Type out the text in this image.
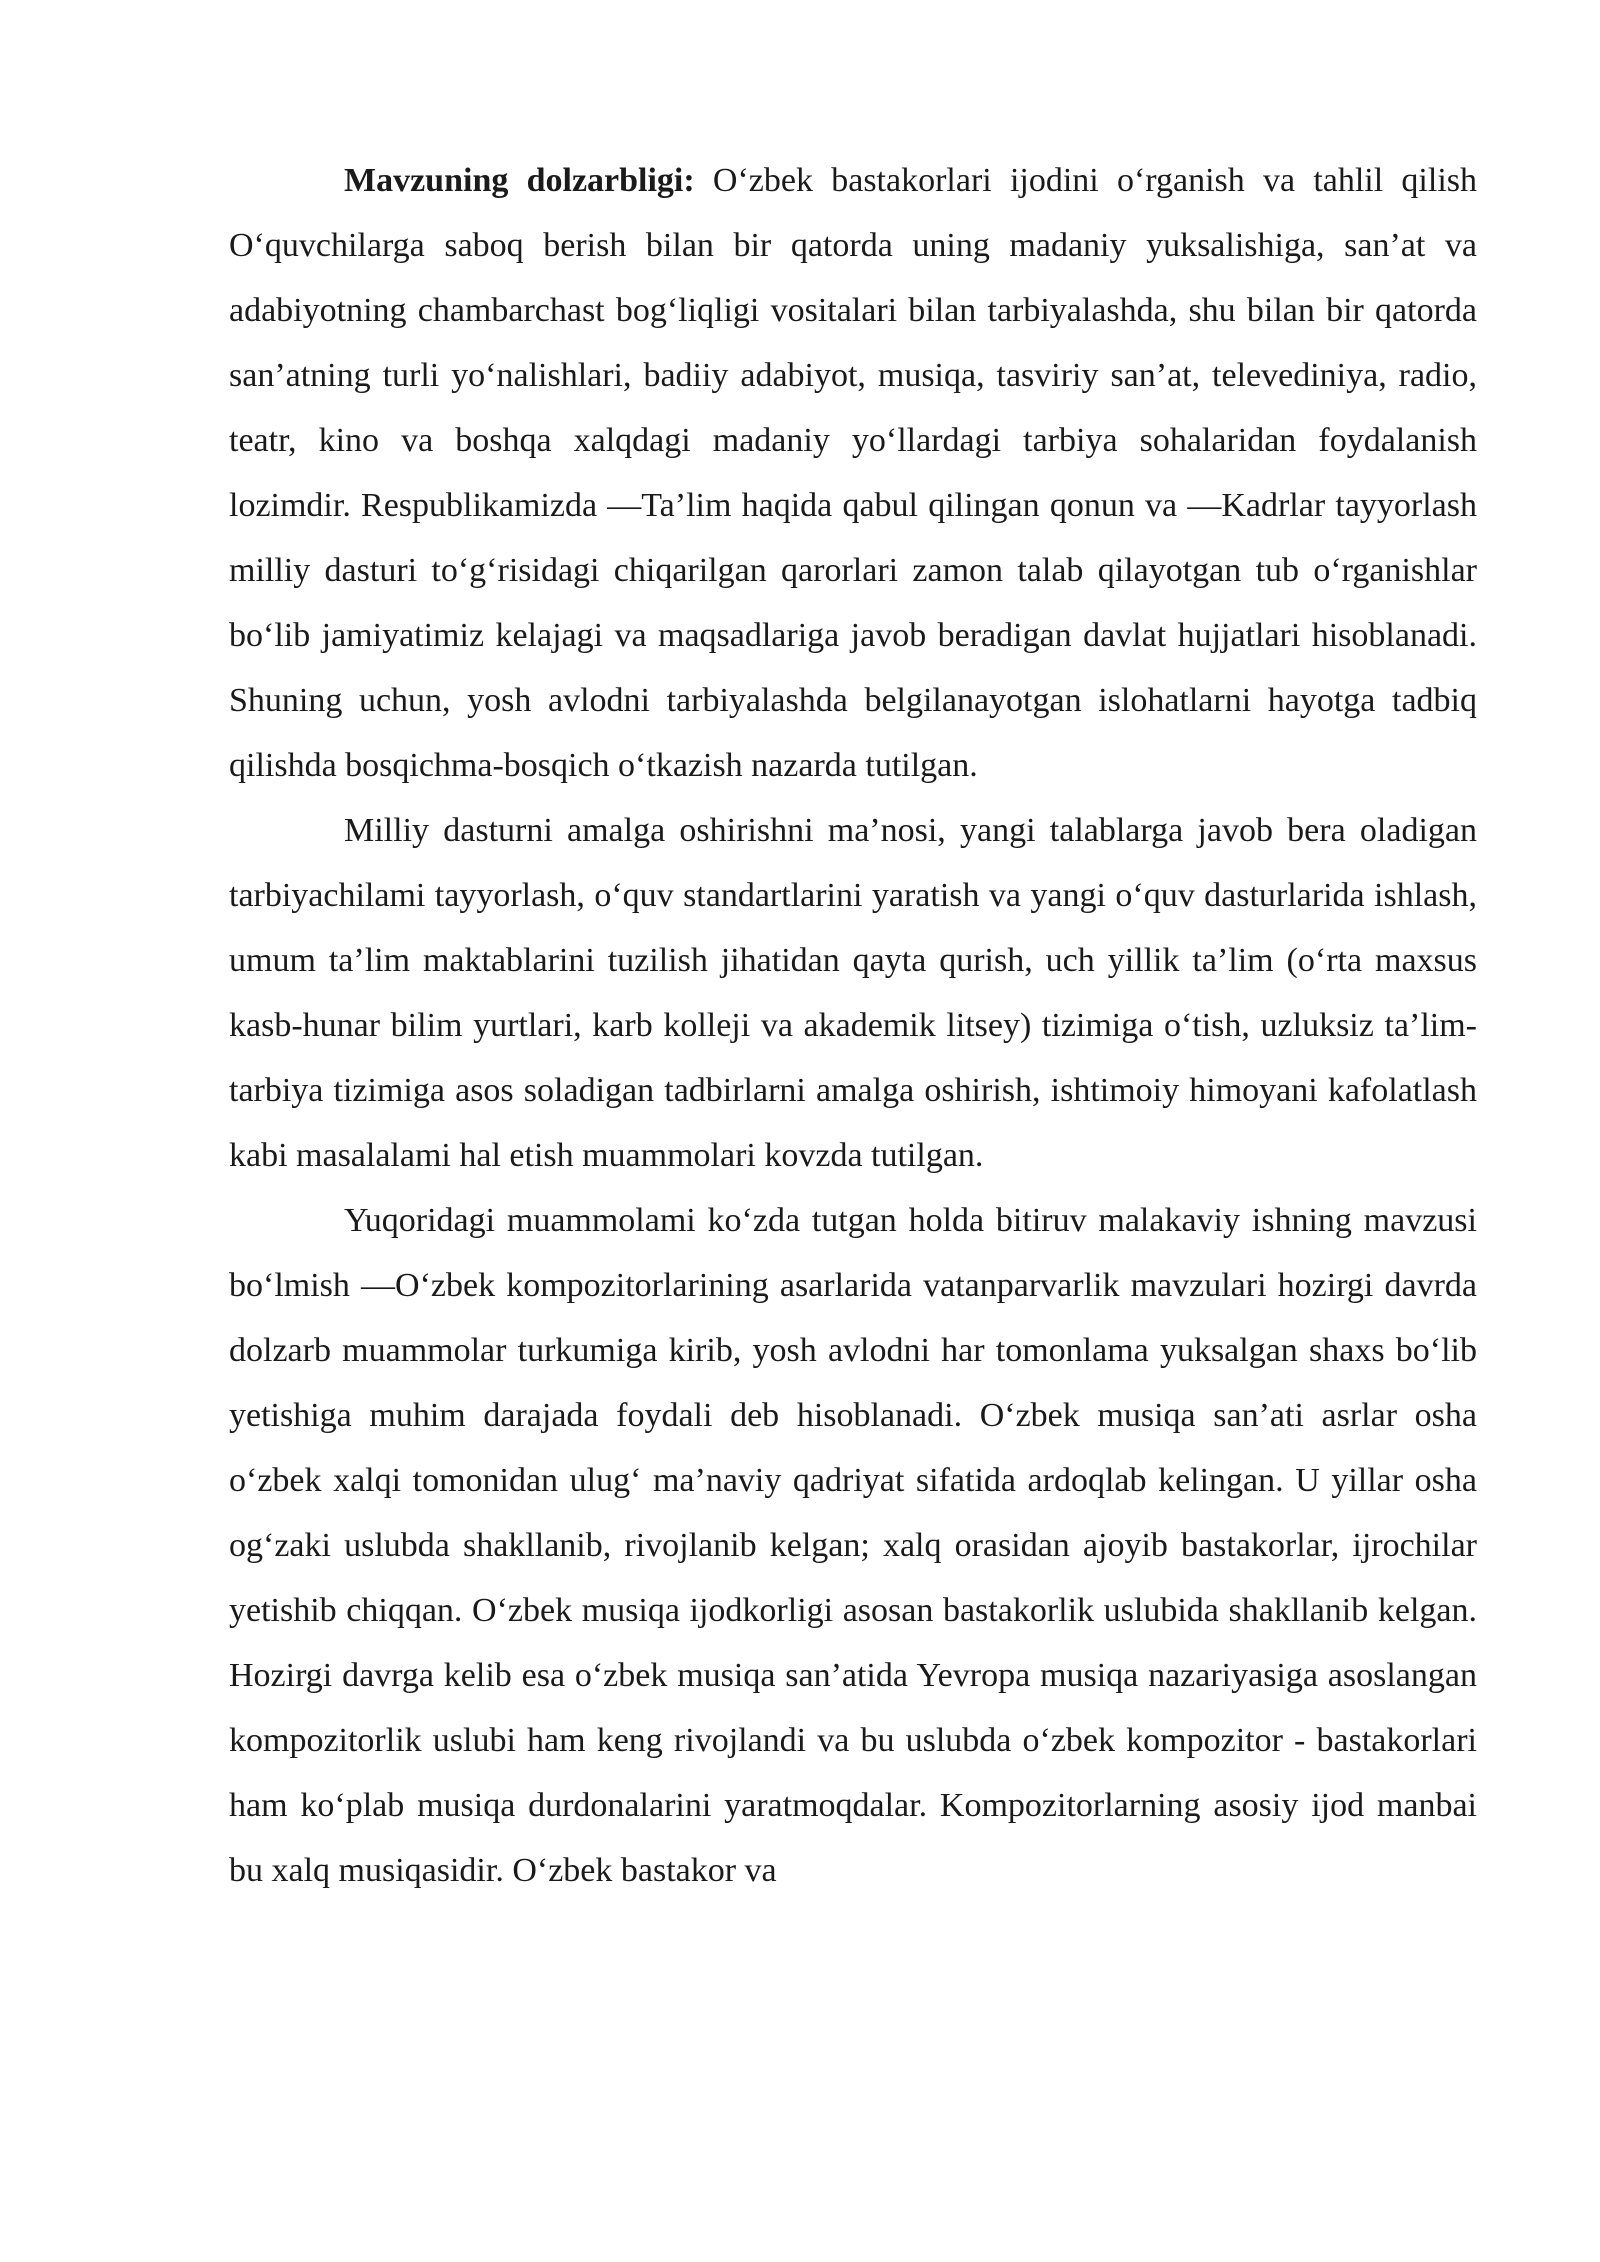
Mavzuning dolzarbligi: O‘zbek bastakorlari ijodini o‘rganish va tahlil qilish O‘quvchilarga saboq berish bilan bir qatorda uning madaniy yuksalishiga, san’at va adabiyotning chambarchast bog‘liqligi vositalari bilan tarbiyalashda, shu bilan bir qatorda san’atning turli yo‘nalishlari, badiiy adabiyot, musiqa, tasviriy san’at, televediniya, radio, teatr, kino va boshqa xalqdagi madaniy yo‘llardagi tarbiya sohalaridan foydalanish lozimdir. Respublikamizda —Ta’lim haqida qabul qilingan qonun va —Kadrlar tayyorlash milliy dasturi to‘g‘risidagi chiqarilgan qarorlari zamon talab qilayotgan tub o‘rganishlar bo‘lib jamiyatimiz kelajagi va maqsadlariga javob beradigan davlat hujjatlari hisoblanadi. Shuning uchun, yosh avlodni tarbiyalashda belgilanayotgan islohatlarni hayotga tadbiq qilishda bosqichma-bosqich o‘tkazish nazarda tutilgan.

Milliy dasturni amalga oshirishni ma’nosi, yangi talablarga javob bera oladigan tarbiyachilami tayyorlash, o‘quv standartlarini yaratish va yangi o‘quv dasturlarida ishlash, umum ta’lim maktablarini tuzilish jihatidan qayta qurish, uch yillik ta’lim (o‘rta maxsus kasb-hunar bilim yurtlari, karb kolleji va akademik litsey) tizimiga o‘tish, uzluksiz ta’lim-tarbiya tizimiga asos soladigan tadbirlarni amalga oshirish, ishtimoiy himoyani kafolatlash kabi masalalami hal etish muammolari kovzda tutilgan.

Yuqoridagi muammolami ko‘zda tutgan holda bitiruv malakaviy ishning mavzusi bo‘lmish —O‘zbek kompozitorlarining asarlarida vatanparvarlik mavzulari hozirgi davrda dolzarb muammolar turkumiga kirib, yosh avlodni har tomonlama yuksalgan shaxs bo‘lib yetishiga muhim darajada foydali deb hisoblanadi. O‘zbek musiqa san’ati asrlar osha o‘zbek xalqi tomonidan ulug‘ ma’naviy qadriyat sifatida ardoqlab kelingan. U yillar osha og‘zaki uslubda shakllanib, rivojlanib kelgan; xalq orasidan ajoyib bastakorlar, ijrochilar yetishib chiqqan. O‘zbek musiqa ijodkorligi asosan bastakorlik uslubida shakllanib kelgan. Hozirgi davrga kelib esa o‘zbek musiqa san’atida Yevropa musiqa nazariyasiga asoslangan kompozitorlik uslubi ham keng rivojlandi va bu uslubda o‘zbek kompozitor - bastakorlari ham ko‘plab musiqa durdonalarini yaratmoqdalar. Kompozitorlarning asosiy ijod manbai bu xalq musiqasidir. O‘zbek bastakor va
